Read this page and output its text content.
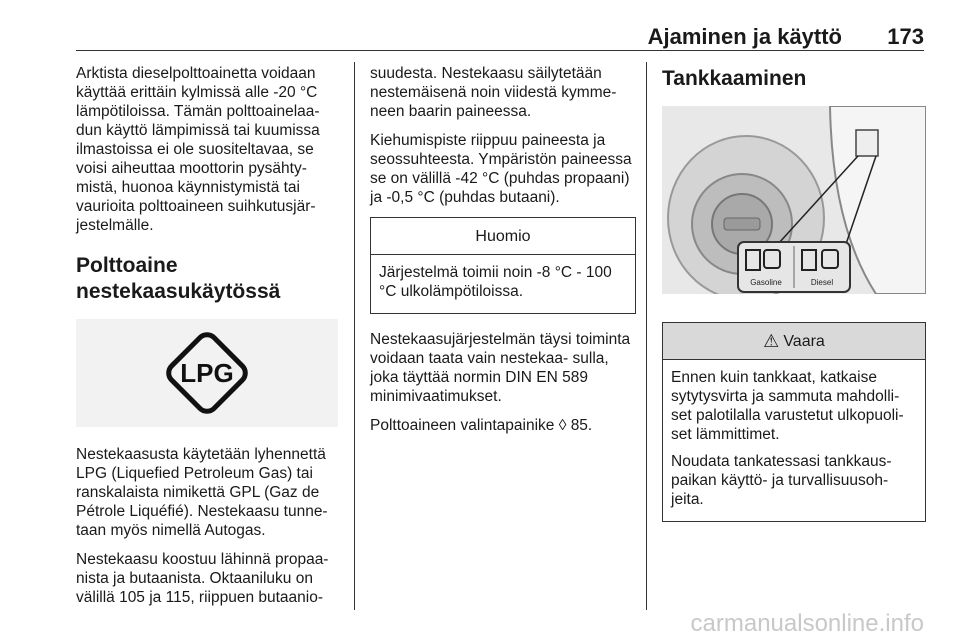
Ajaminen ja käyttö 173

Arktista dieselpolttoainetta voidaan käyttää erittäin kylmissä alle -20 °C lämpötiloissa. Tämän polttoainelaa- dun käyttö lämpimissä tai kuumissa ilmastoissa ei ole suositeltavaa, se voisi aiheuttaa moottorin pysähty- mistä, huonoa käynnistymistä tai vaurioita polttoaineen suihkutusjär- jestelmälle.

Polttoaine
nestekaasukäytössä
LPG

Nestekaasusta käytetään lyhennettä LPG (Liquefied Petroleum Gas) tai ranskalaista nimikettä GPL (Gaz de Pétrole Liquéfié). Nestekaasu tunne- taan myös nimellä Autogas.

Nestekaasu koostuu lähinnä propaa- nista ja butaanista. Oktaaniluku on välillä 105 ja 115, riippuen butaanio-

suudesta. Nestekaasu säilytetään nestemäisenä noin viidestä kymme- neen baarin paineessa.

Kiehumispiste riippuu paineesta ja seossuhteesta. Ympäristön paineessa se on välillä -42 °C (puhdas propaani) ja -0,5 °C (puhdas butaani).

Huomio

Järjestelmä toimii noin -8 °C - 100 °C ulkolämpötiloissa.

Nestekaasujärjestelmän täysi toiminta voidaan taata vain nestekaa- sulla, joka täyttää normin DIN EN 589 minimivaatimukset.

Polttoaineen valintapainike ◊ 85.

Tankkaaminen
Gasoline	Diesel
⚠ Vaara

Ennen kuin tankkaat, katkaise sytytysvirta ja sammuta mahdolli- set palotilalla varustetut ulkopuoli- set lämmittimet.

Noudata tankatessasi tankkaus- paikan käyttö- ja turvallisuusoh- jeita.

carmanualsonline.info
